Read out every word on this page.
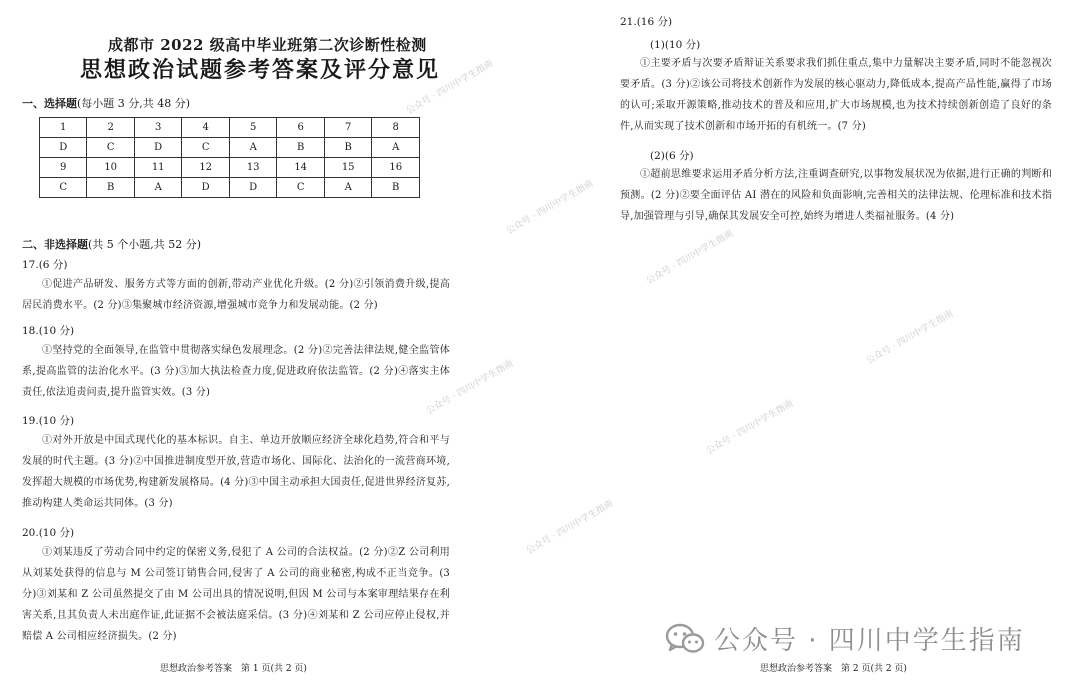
成都市 2022 级高中毕业班第二次诊断性检测
思想政治试题参考答案及评分意见
一、选择题(每小题 3 分,共 48 分)
1	2	3	4	5	6	7	8
D	C	D	C	A	B	B	A
9	10	11	12	13	14	15	16
C	B	A	D	D	C	A	B
二、非选择题(共 5 个小题,共 52 分)
17.(6 分)
①促进产品研发、服务方式等方面的创新,带动产业优化升级。(2 分)②引领消费升级,提高居民消费水平。(2 分)③集聚城市经济资源,增强城市竞争力和发展动能。(2 分)
18.(10 分)
①坚持党的全面领导,在监管中贯彻落实绿色发展理念。(2 分)②完善法律法规,健全监管体系,提高监管的法治化水平。(3 分)③加大执法检查力度,促进政府依法监管。(2 分)④落实主体责任,依法追责问责,提升监管实效。(3 分)
19.(10 分)
①对外开放是中国式现代化的基本标识。自主、单边开放顺应经济全球化趋势,符合和平与发展的时代主题。(3 分)②中国推进制度型开放,营造市场化、国际化、法治化的一流营商环境,发挥超大规模的市场优势,构建新发展格局。(4 分)③中国主动承担大国责任,促进世界经济复苏,推动构建人类命运共同体。(3 分)
20.(10 分)
①刘某违反了劳动合同中约定的保密义务,侵犯了 A 公司的合法权益。(2 分)②Z 公司利用从刘某处获得的信息与 M 公司签订销售合同,侵害了 A 公司的商业秘密,构成不正当竞争。(3 分)③刘某和 Z 公司虽然提交了由 M 公司出具的情况说明,但因 M 公司与本案审理结果存在利害关系,且其负责人未出庭作证,此证据不会被法庭采信。(3 分)④刘某和 Z 公司应停止侵权,并赔偿 A 公司相应经济损失。(2 分)
思想政治参考答案　第 1 页(共 2 页)
21.(16 分)
(1)(10 分)
①主要矛盾与次要矛盾辩证关系要求我们抓住重点,集中力量解决主要矛盾,同时不能忽视次要矛盾。(3 分)②该公司将技术创新作为发展的核心驱动力,降低成本,提高产品性能,赢得了市场的认可;采取开源策略,推动技术的普及和应用,扩大市场规模,也为技术持续创新创造了良好的条件,从而实现了技术创新和市场开拓的有机统一。(7 分)
(2)(6 分)
①超前思维要求运用矛盾分析方法,注重调查研究,以事物发展状况为依据,进行正确的判断和预测。(2 分)②要全面评估 AI 潜在的风险和负面影响,完善相关的法律法规、伦理标准和技术指导,加强管理与引导,确保其发展安全可控,始终为增进人类福祉服务。(4 分)
思想政治参考答案　第 2 页(共 2 页)
公众号 · 四川中学生指南
公众号 · 四川中学生指南
公众号 · 四川中学生指南
公众号 · 四川中学生指南
公众号 · 四川中学生指南
公众号 · 四川中学生指南
公众号 · 四川中学生指南
公众号 · 四川中学生指南
